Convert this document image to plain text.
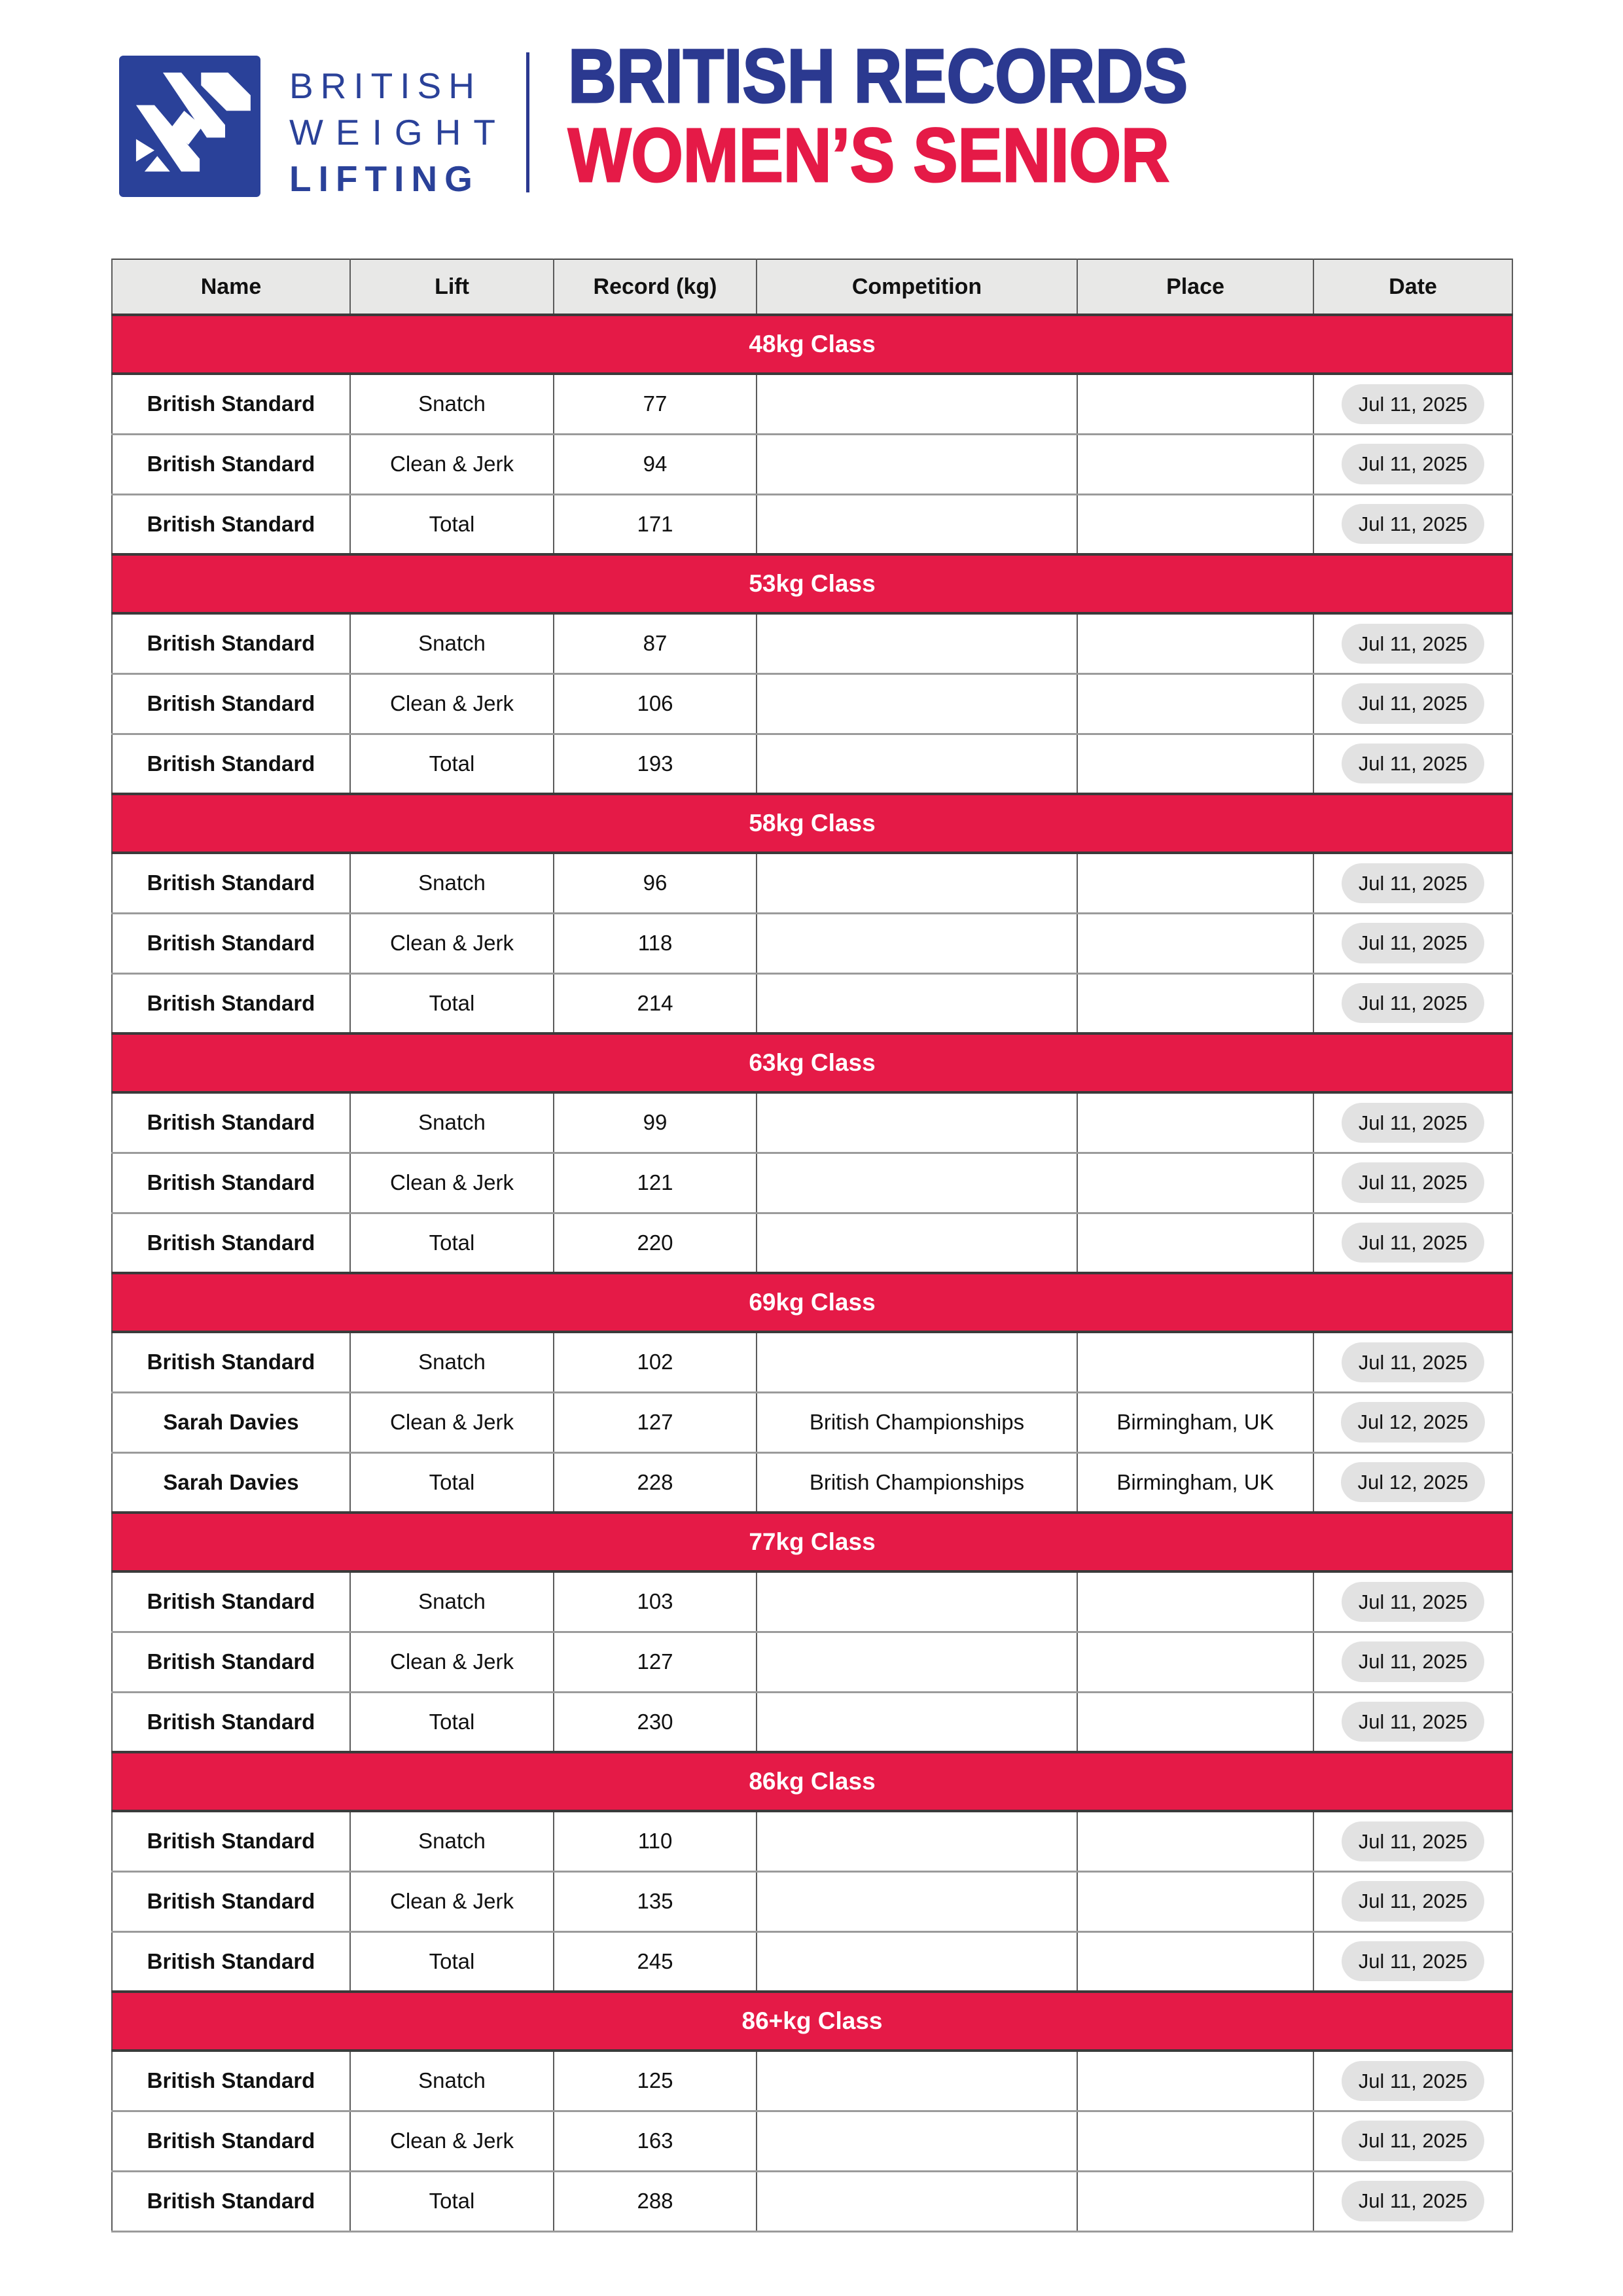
BRITISH
WEIGHT
LIFTING
BRITISH RECORDS
WOMEN’S SENIOR
Name	Lift	Record (kg)	Competition	Place	Date
48kg Class					
British Standard	Snatch	77			Jul 11, 2025
British Standard	Clean & Jerk	94			Jul 11, 2025
British Standard	Total	171			Jul 11, 2025
53kg Class					
British Standard	Snatch	87			Jul 11, 2025
British Standard	Clean & Jerk	106			Jul 11, 2025
British Standard	Total	193			Jul 11, 2025
58kg Class					
British Standard	Snatch	96			Jul 11, 2025
British Standard	Clean & Jerk	118			Jul 11, 2025
British Standard	Total	214			Jul 11, 2025
63kg Class					
British Standard	Snatch	99			Jul 11, 2025
British Standard	Clean & Jerk	121			Jul 11, 2025
British Standard	Total	220			Jul 11, 2025
69kg Class					
British Standard	Snatch	102			Jul 11, 2025
Sarah Davies	Clean & Jerk	127	British Championships	Birmingham, UK	Jul 12, 2025
Sarah Davies	Total	228	British Championships	Birmingham, UK	Jul 12, 2025
77kg Class					
British Standard	Snatch	103			Jul 11, 2025
British Standard	Clean & Jerk	127			Jul 11, 2025
British Standard	Total	230			Jul 11, 2025
86kg Class					
British Standard	Snatch	110			Jul 11, 2025
British Standard	Clean & Jerk	135			Jul 11, 2025
British Standard	Total	245			Jul 11, 2025
86+kg Class					
British Standard	Snatch	125			Jul 11, 2025
British Standard	Clean & Jerk	163			Jul 11, 2025
British Standard	Total	288			Jul 11, 2025
